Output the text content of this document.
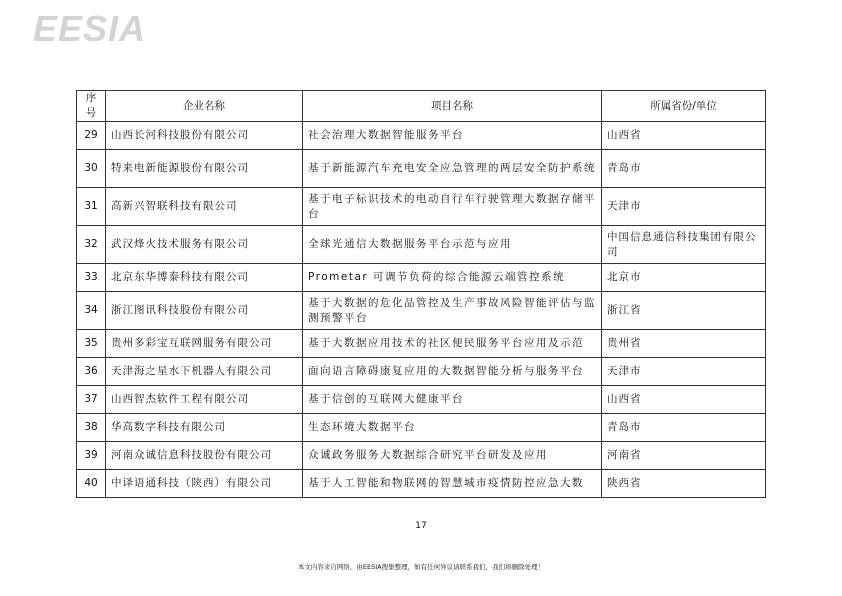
EESIA
序号	企业名称	项目名称	所属省份/单位
29	山西长河科技股份有限公司	社会治理大数据智能服务平台	山西省
30	特来电新能源股份有限公司	基于新能源汽车充电安全应急管理的两层安全防护系统	青岛市
31	高新兴智联科技有限公司	基于电子标识技术的电动自行车行驶管理大数据存储平台	天津市
32	武汉烽火技术服务有限公司	全球光通信大数据服务平台示范与应用	中国信息通信科技集团有限公司
33	北京东华博泰科技有限公司	Prometar 可调节负荷的综合能源云端管控系统	北京市
34	浙江图讯科技股份有限公司	基于大数据的危化品管控及生产事故风险智能评估与监测预警平台	浙江省
35	贵州多彩宝互联网服务有限公司	基于大数据应用技术的社区便民服务平台应用及示范	贵州省
36	天津海之星水下机器人有限公司	面向语言障碍康复应用的大数据智能分析与服务平台	天津市
37	山西智杰软件工程有限公司	基于信创的互联网大健康平台	山西省
38	华高数字科技有限公司	生态环境大数据平台	青岛市
39	河南众诚信息科技股份有限公司	众诚政务服务大数据综合研究平台研发及应用	河南省
40	中译语通科技（陕西）有限公司	基于人工智能和物联网的智慧城市疫情防控应急大数	陕西省
17
本文内容来自网络，由EESIA搜集整理，如有任何异议请联系我们，我们将删除处理！
